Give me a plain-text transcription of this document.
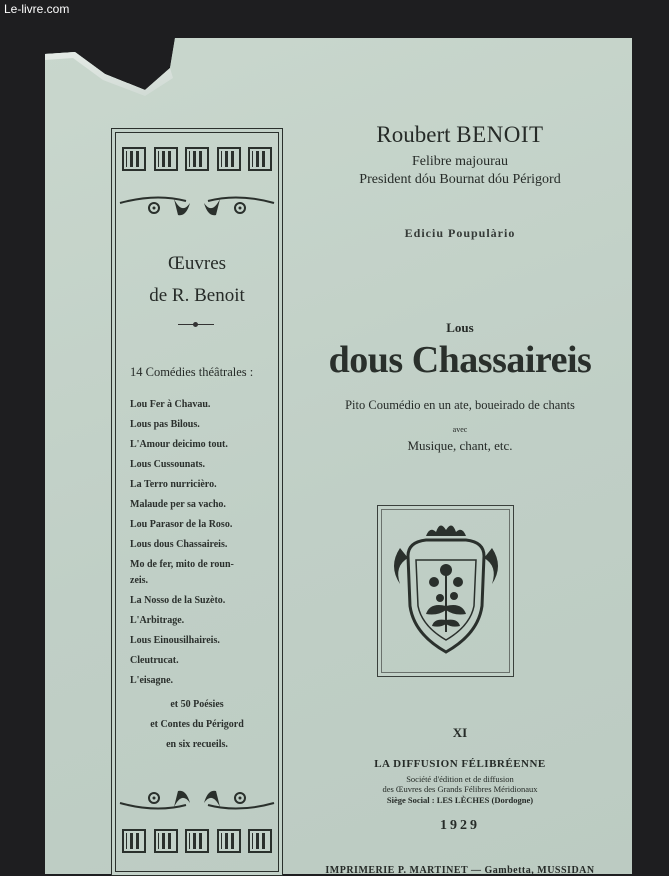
Le-livre.com
Œuvres
de R. Benoit
14 Comédies théâtrales :
Lou Fer à Chavau.
Lous pas Bilous.
L'Amour deicimo tout.
Lous Cussounats.
La Terro nurricièro.
Malaude per sa vacho.
Lou Parasor de la Roso.
Lous dous Chassaireis.
Mo de fer, mito de roun-
zeis.
La Nosso de la Suzèto.
L'Arbitrage.
Lous Einousilhaireis.
Cleutrucat.
L'eisagne.
et 50 Poésies
et Contes du Périgord
en six recueils.
Roubert BENOIT
Felibre majourau
President dóu Bournat dóu Périgord
Ediciu Poupulàrio
Lous
dous Chassaireis
Pito Coumédio en un ate, boueirado de chants
avec
Musique, chant, etc.
XI
LA DIFFUSION FÉLIBRÉENNE
Société d'édition et de diffusion
des Œuvres des Grands Félibres Méridionaux
Siège Social : LES LÈCHES (Dordogne)
1929
IMPRIMERIE P. MARTINET — Gambetta, MUSSIDAN
